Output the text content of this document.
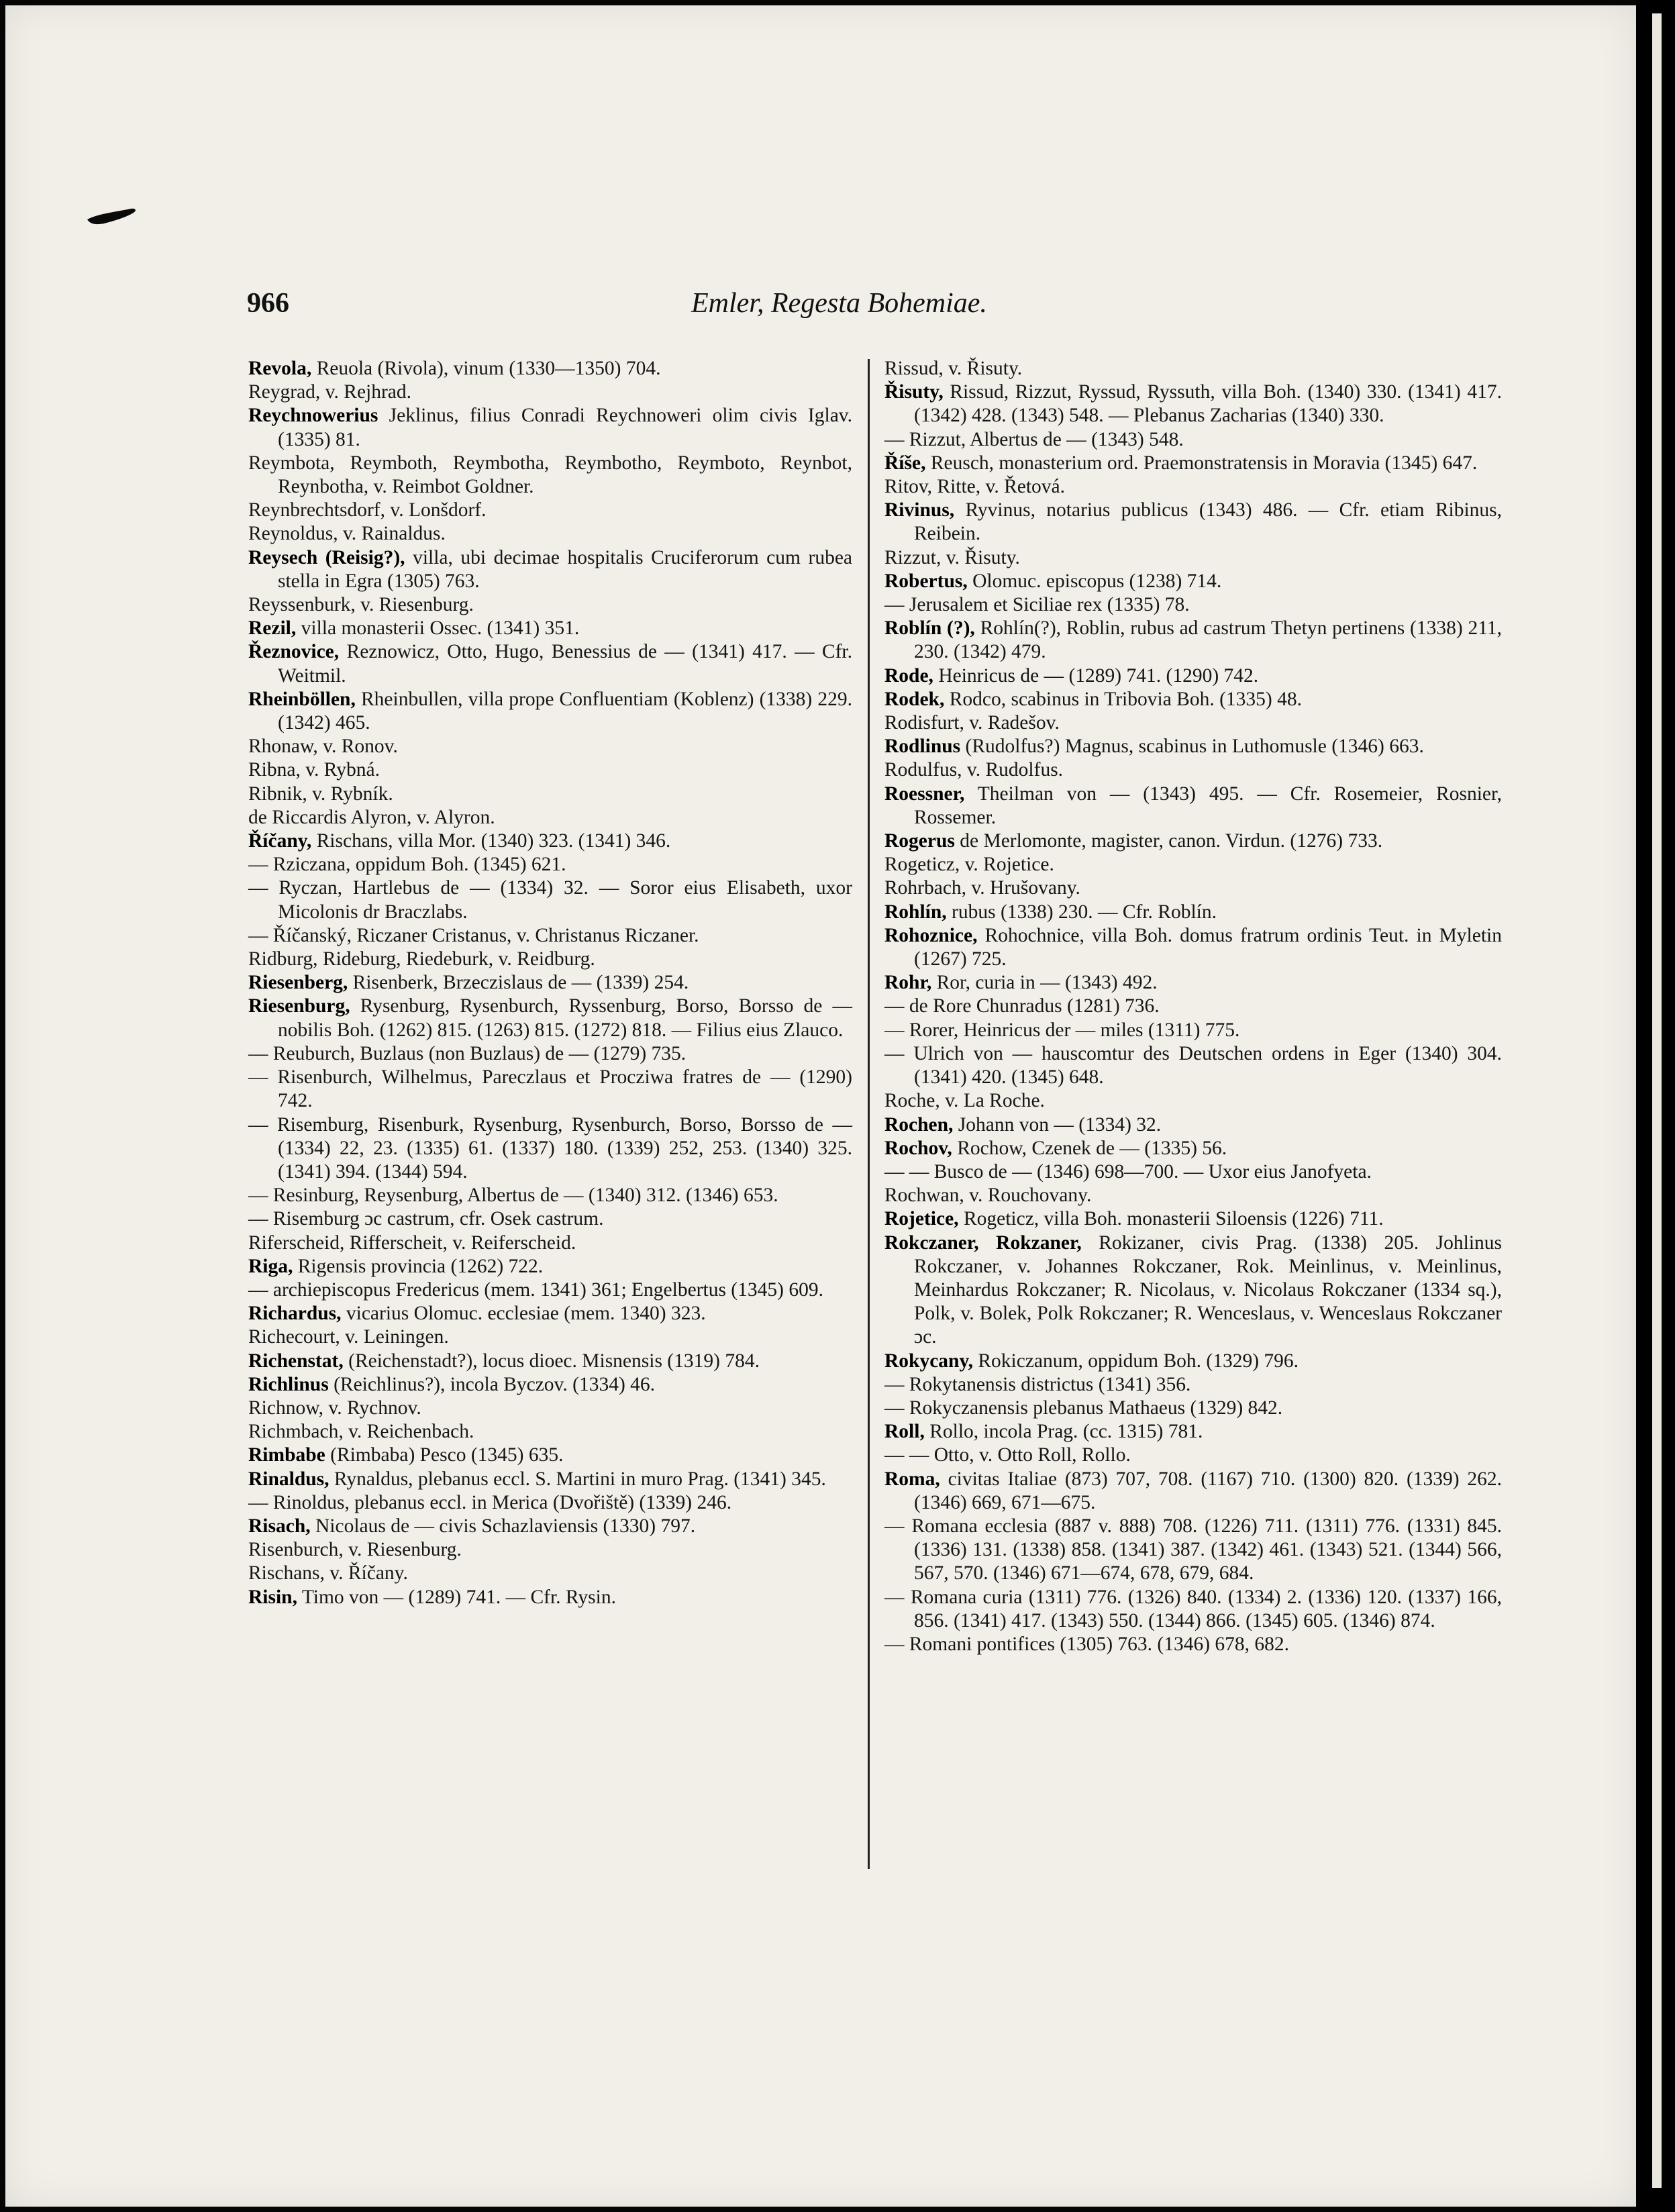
966	Emler, Regesta Bohemiae.

Revola, Reuola (Rivola), vinum (1330—1350) 704.

Reygrad, v. Rejhrad.

Reychnowerius Jeklinus, filius Conradi Reychnoweri olim civis Iglav. (1335) 81.

Reymbota, Reymboth, Reymbotha, Reymbotho, Reymboto, Reynbot, Reynbotha, v. Reimbot Goldner.

Reynbrechtsdorf, v. Lonšdorf.

Reynoldus, v. Rainaldus.

Reysech (Reisig?), villa, ubi decimae hospitalis Cruciferorum cum rubea stella in Egra (1305) 763.

Reyssenburk, v. Riesenburg.

Rezil, villa monasterii Ossec. (1341) 351.

Řeznovice, Reznowicz, Otto, Hugo, Benessius de — (1341) 417. — Cfr. Weitmil.

Rheinböllen, Rheinbullen, villa prope Confluentiam (Koblenz) (1338) 229. (1342) 465.

Rhonaw, v. Ronov.

Ribna, v. Rybná.

Ribnik, v. Rybník.

de Riccardis Alyron, v. Alyron.

Říčany, Rischans, villa Mor. (1340) 323. (1341) 346.

— Rziczana, oppidum Boh. (1345) 621.

— Ryczan, Hartlebus de — (1334) 32. — Soror eius Elisabeth, uxor Micolonis dr Braczlabs.

— Říčanský, Riczaner Cristanus, v. Christanus Riczaner.

Ridburg, Rideburg, Riedeburk, v. Reidburg.

Riesenberg, Risenberk, Brzeczislaus de — (1339) 254.

Riesenburg, Rysenburg, Rysenburch, Ryssenburg, Borso, Borsso de — nobilis Boh. (1262) 815. (1263) 815. (1272) 818. — Filius eius Zlauco.

— Reuburch, Buzlaus (non Buzlaus) de — (1279) 735.

— Risenburch, Wilhelmus, Pareczlaus et Proczіwa fratres de — (1290) 742.

— Risemburg, Risenburk, Rysenburg, Rysenburch, Borso, Borsso de — (1334) 22, 23. (1335) 61. (1337) 180. (1339) 252, 253. (1340) 325. (1341) 394. (1344) 594.

— Resinburg, Reysenburg, Albertus de — (1340) 312. (1346) 653.

— Risemburg ɔc castrum, cfr. Osek castrum.

Riferscheid, Rifferscheit, v. Reiferscheid.

Riga, Rigensis provincia (1262) 722.

— archiepiscopus Fredericus (mem. 1341) 361; Engelbertus (1345) 609.

Richardus, vicarius Olomuc. ecclesiae (mem. 1340) 323.

Richecourt, v. Leiningen.

Richenstat, (Reichenstadt?), locus dioec. Misnensis (1319) 784.

Richlinus (Reichlinus?), incola Byczov. (1334) 46.

Richnow, v. Rychnov.

Richmbach, v. Reichenbach.

Rimbabe (Rimbaba) Pesco (1345) 635.

Rinaldus, Rynaldus, plebanus eccl. S. Martini in muro Prag. (1341) 345.

— Rinoldus, plebanus eccl. in Merica (Dvořiště) (1339) 246.

Risach, Nicolaus de — civis Schazlaviensis (1330) 797.

Risenburch, v. Riesenburg.

Rischans, v. Říčany.

Risin, Timo von — (1289) 741. — Cfr. Rysin.

Rissud, v. Řisuty.

Řisuty, Rissud, Rizzut, Ryssud, Ryssuth, villa Boh. (1340) 330. (1341) 417. (1342) 428. (1343) 548. — Plebanus Zacharias (1340) 330.

— Rizzut, Albertus de — (1343) 548.

Říše, Reusch, monasterium ord. Praemonstratensis in Moravia (1345) 647.

Ritov, Ritte, v. Řetová.

Rivinus, Ryvinus, notarius publicus (1343) 486. — Cfr. etiam Ribinus, Reibein.

Rizzut, v. Řisuty.

Robertus, Olomuc. episcopus (1238) 714.

— Jerusalem et Siciliae rex (1335) 78.

Roblín (?), Rohlín(?), Roblin, rubus ad castrum Thetyn pertinens (1338) 211, 230. (1342) 479.

Rode, Heinricus de — (1289) 741. (1290) 742.

Rodek, Rodco, scabinus in Tribovia Boh. (1335) 48.

Rodisfurt, v. Radešov.

Rodlinus (Rudolfus?) Magnus, scabinus in Luthomusle (1346) 663.

Rodulfus, v. Rudolfus.

Roessner, Theilman von — (1343) 495. — Cfr. Rosemeier, Rosnier, Rossemer.

Rogerus de Merlomonte, magister, canon. Virdun. (1276) 733.

Rogeticz, v. Rojetice.

Rohrbach, v. Hrušovany.

Rohlín, rubus (1338) 230. — Cfr. Roblín.

Rohoznice, Rohochnice, villa Boh. domus fratrum ordinis Teut. in Myletin (1267) 725.

Rohr, Ror, curia in — (1343) 492.

— de Rore Chunradus (1281) 736.

— Rorer, Heinricus der — miles (1311) 775.

— Ulrich von — hauscomtur des Deutschen ordens in Eger (1340) 304. (1341) 420. (1345) 648.

Roche, v. La Roche.

Rochen, Johann von — (1334) 32.

Rochov, Rochow, Czenek de — (1335) 56.

— — Busco de — (1346) 698—700. — Uxor eius Janofyeta.

Rochwan, v. Rouchovany.

Rojetice, Rogeticz, villa Boh. monasterii Siloensis (1226) 711.

Rokczaner, Rokzaner, Rokizaner, civis Prag. (1338) 205. Johlinus Rokczaner, v. Johannes Rokczaner, Rok. Meinlinus, v. Meinlinus, Meinhardus Rokczaner; R. Nicolaus, v. Nicolaus Rokczaner (1334 sq.), Polk, v. Bolek, Polk Rokczaner; R. Wenceslaus, v. Wenceslaus Rokczaner ɔc.

Rokycany, Rokiczanum, oppidum Boh. (1329) 796.

— Rokytanensis districtus (1341) 356.

— Rokyczanensis plebanus Mathaeus (1329) 842.

Roll, Rollo, incola Prag. (cc. 1315) 781.

— — Otto, v. Otto Roll, Rollo.

Roma, civitas Italiae (873) 707, 708. (1167) 710. (1300) 820. (1339) 262. (1346) 669, 671—675.

— Romana ecclesia (887 v. 888) 708. (1226) 711. (1311) 776. (1331) 845. (1336) 131. (1338) 858. (1341) 387. (1342) 461. (1343) 521. (1344) 566, 567, 570. (1346) 671—674, 678, 679, 684.

— Romana curia (1311) 776. (1326) 840. (1334) 2. (1336) 120. (1337) 166, 856. (1341) 417. (1343) 550. (1344) 866. (1345) 605. (1346) 874.

— Romani pontifices (1305) 763. (1346) 678, 682.
